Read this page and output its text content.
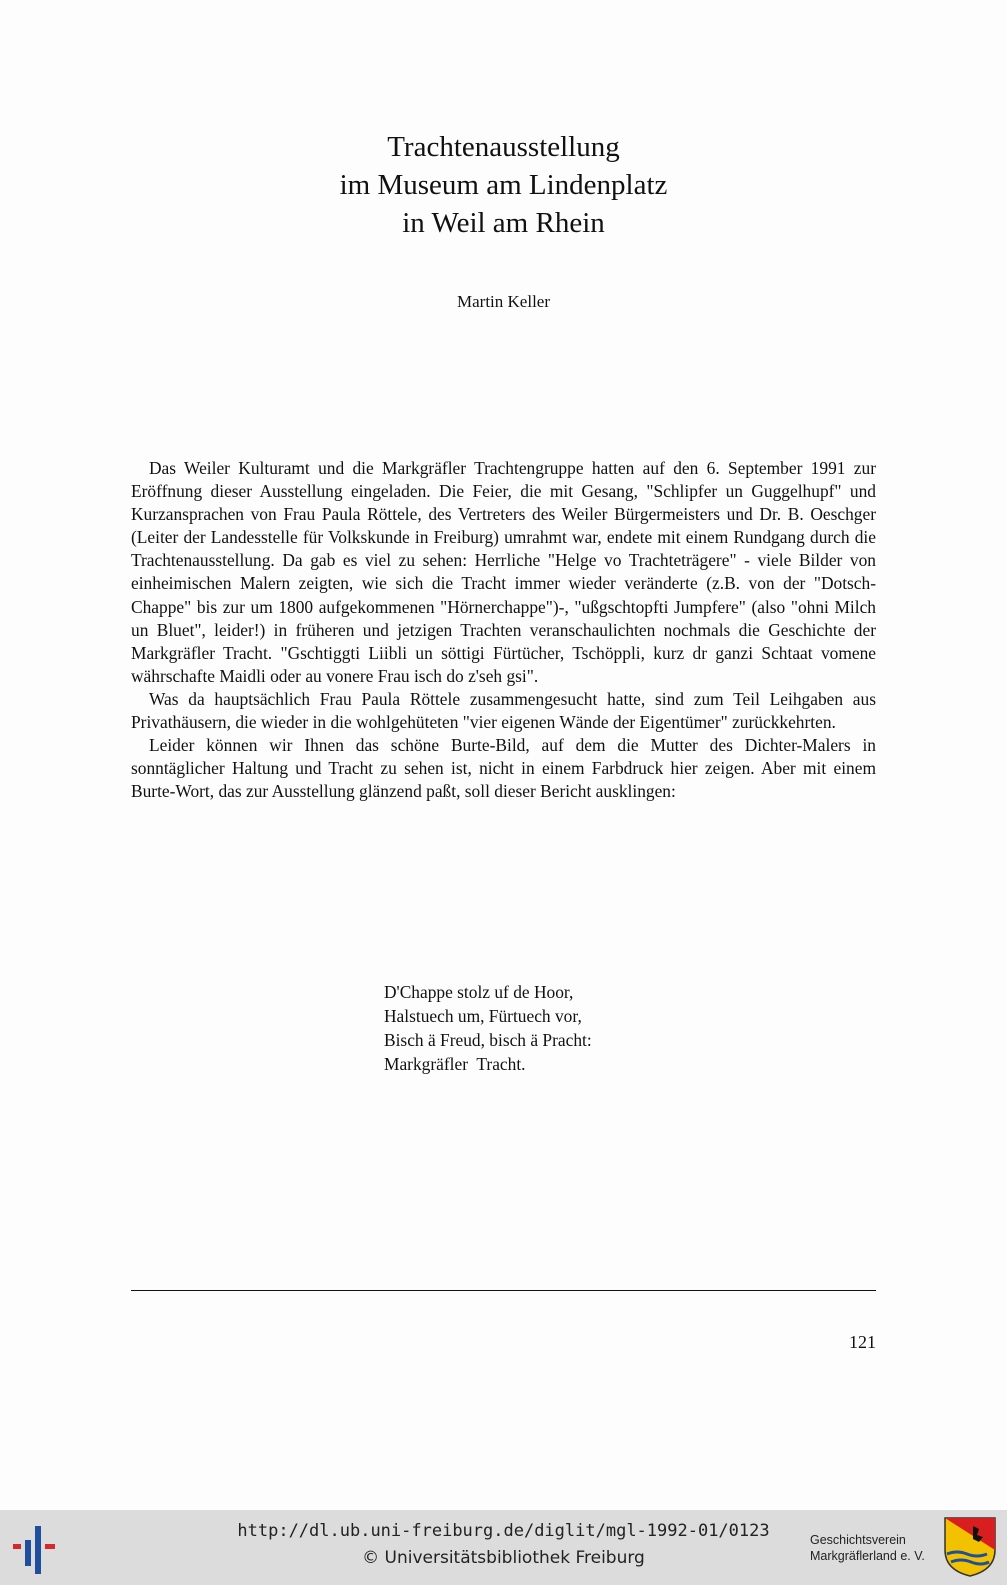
Trachtenausstellung
im Museum am Lindenplatz
in Weil am Rhein
Martin Keller

Das Weiler Kulturamt und die Markgräfler Trachtengruppe hatten auf den 6. September 1991 zur Eröffnung dieser Ausstellung eingeladen. Die Feier, die mit Gesang, "Schlipfer un Guggelhupf" und Kurzansprachen von Frau Paula Röttele, des Vertreters des Weiler Bürgermeisters und Dr. B. Oeschger (Leiter der Landesstelle für Volkskunde in Freiburg) umrahmt war, endete mit einem Rundgang durch die Trachtenausstellung. Da gab es viel zu sehen: Herrliche "Helge vo Trachteträgere" - viele Bilder von einheimischen Malern zeigten, wie sich die Tracht immer wieder veränderte (z.B. von der "Dotsch-Chappe" bis zur um 1800 aufgekommenen "Hörnerchappe")-, "ußgschtopfti Jumpfere" (also "ohni Milch un Bluet", leider!) in früheren und jetzigen Trachten veranschaulichten nochmals die Geschichte der Markgräfler Tracht. "Gschtiggti Liibli un söttigi Fürtücher, Tschöppli, kurz dr ganzi Schtaat vomene währschafte Maidli oder au vonere Frau isch do z'seh gsi".

Was da hauptsächlich Frau Paula Röttele zusammengesucht hatte, sind zum Teil Leihgaben aus Privathäusern, die wieder in die wohlgehüteten "vier eigenen Wände der Eigentümer" zurückkehrten.

Leider können wir Ihnen das schöne Burte-Bild, auf dem die Mutter des Dichter-Malers in sonntäglicher Haltung und Tracht zu sehen ist, nicht in einem Farbdruck hier zeigen. Aber mit einem Burte-Wort, das zur Ausstellung glänzend paßt, soll dieser Bericht ausklingen:

D'Chappe stolz uf de Hoor,
Halstuech um, Fürtuech vor,
Bisch ä Freud, bisch ä Pracht:
Markgräfler  Tracht.
121
http://dl.ub.uni-freiburg.de/diglit/mgl-1992-01/0123
© Universitätsbibliothek Freiburg
Geschichtsverein
Markgräflerland e. V.
